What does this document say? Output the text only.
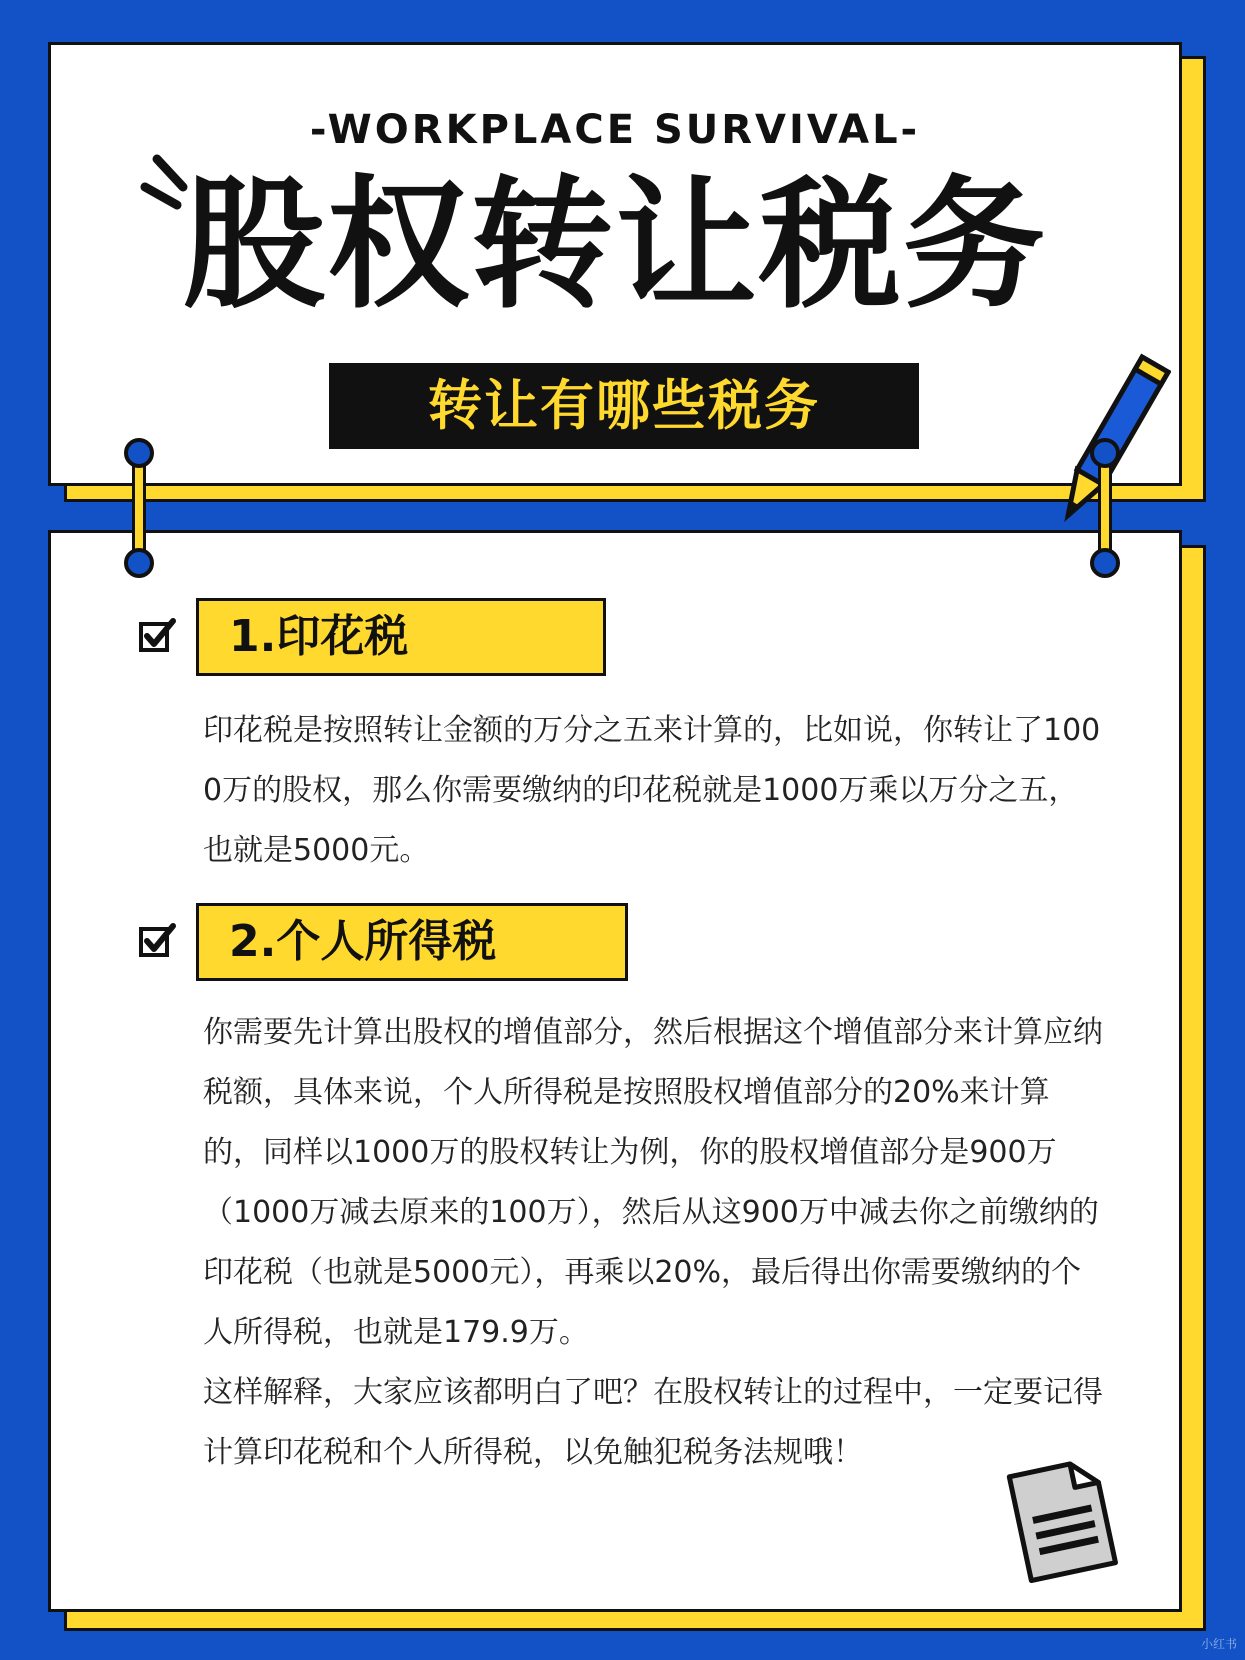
-WORKPLACE SURVIVAL-
股权转让税务
转让有哪些税务
1.印花税
印花税是按照转让金额的万分之五来计算的，比如说，你转让了1000万的股权，那么你需要缴纳的印花税就是1000万乘以万分之五，也就是5000元。
2.个人所得税
你需要先计算出股权的增值部分，然后根据这个增值部分来计算应纳税额，具体来说，个人所得税是按照股权增值部分的20%来计算的，同样以1000万的股权转让为例，你的股权增值部分是900万（1000万减去原来的100万），然后从这900万中减去你之前缴纳的印花税（也就是5000元），再乘以20%，最后得出你需要缴纳的个人所得税，也就是179.9万。
这样解释，大家应该都明白了吧？在股权转让的过程中，一定要记得计算印花税和个人所得税，以免触犯税务法规哦！
小红书
